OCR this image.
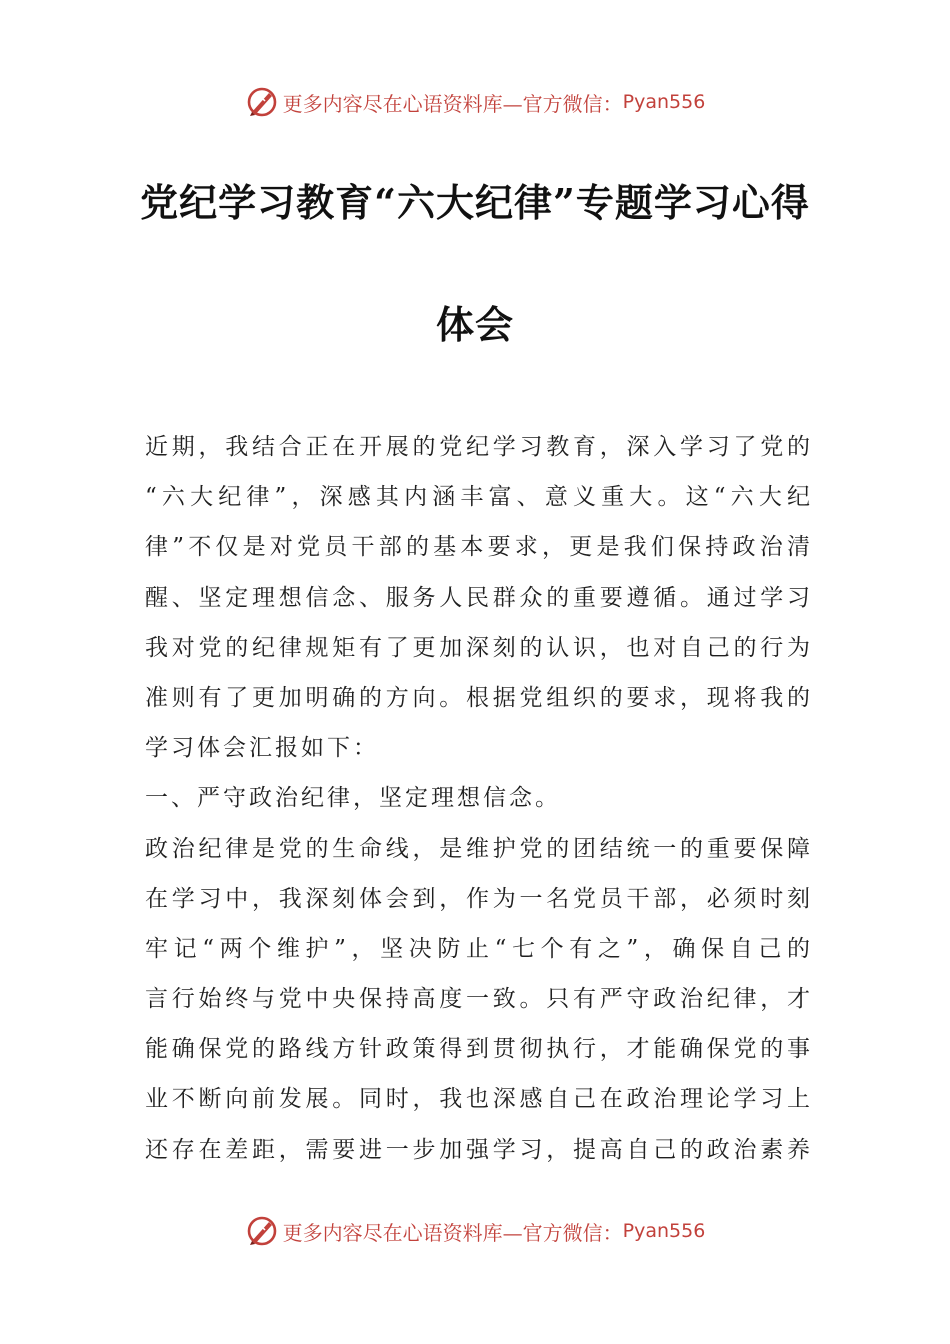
更多内容尽在心语资料库—官方微信： Pyan556
党纪学习教育“六大纪律”专题学习心得
体会
近期，我结合正在开展的党纪学习教育，深入学习了党的
“六大纪律”，深感其内涵丰富、意义重大。这“六大纪
律”不仅是对党员干部的基本要求，更是我们保持政治清
醒、坚定理想信念、服务人民群众的重要遵循。通过学习
我对党的纪律规矩有了更加深刻的认识，也对自己的行为
准则有了更加明确的方向。根据党组织的要求，现将我的
学习体会汇报如下：
一、严守政治纪律，坚定理想信念。
政治纪律是党的生命线，是维护党的团结统一的重要保障
在学习中，我深刻体会到，作为一名党员干部，必须时刻
牢记“两个维护”，坚决防止“七个有之”，确保自己的
言行始终与党中央保持高度一致。只有严守政治纪律，才
能确保党的路线方针政策得到贯彻执行，才能确保党的事
业不断向前发展。同时，我也深感自己在政治理论学习上
还存在差距，需要进一步加强学习，提高自己的政治素养
更多内容尽在心语资料库—官方微信： Pyan556
